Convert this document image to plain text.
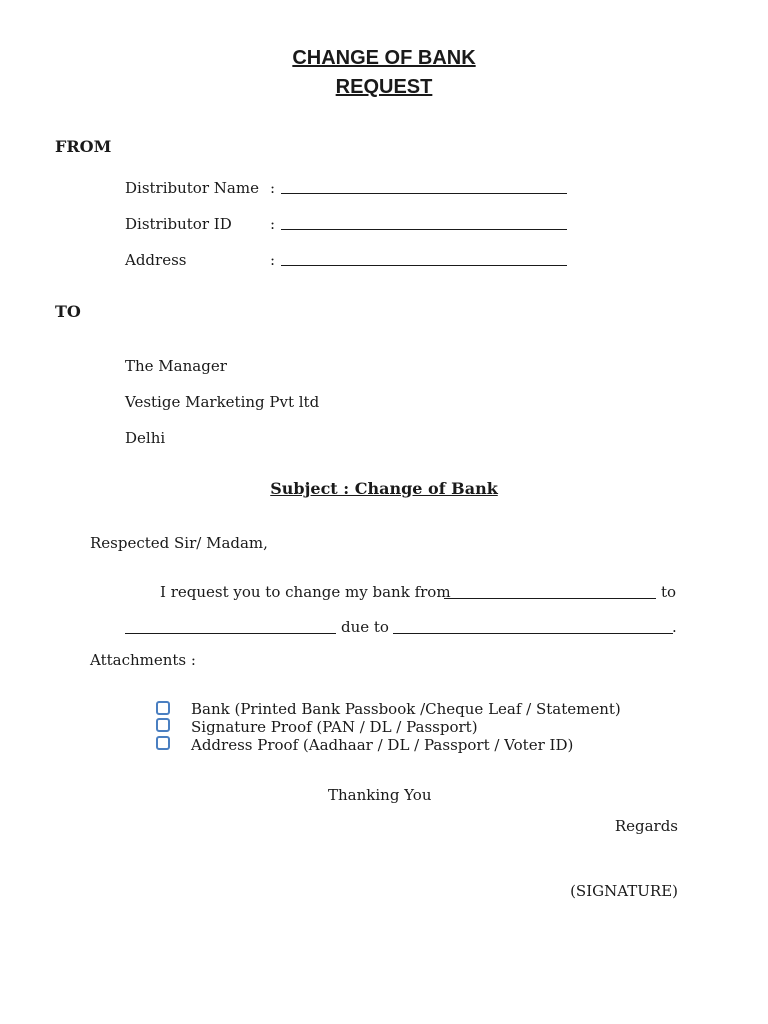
CHANGE OF BANK
REQUEST
FROM
Distributor Name :
Distributor ID	:
Address	:
TO
The Manager
Vestige Marketing Pvt ltd
Delhi
Subject : Change of Bank
Respected Sir/ Madam,
I request you to change my bank from	to
due to	.
Attachments :
Bank (Printed Bank Passbook /Cheque Leaf / Statement)
Signature Proof (PAN / DL / Passport)
Address Proof (Aadhaar / DL / Passport / Voter ID)
Thanking You
Regards
(SIGNATURE)
